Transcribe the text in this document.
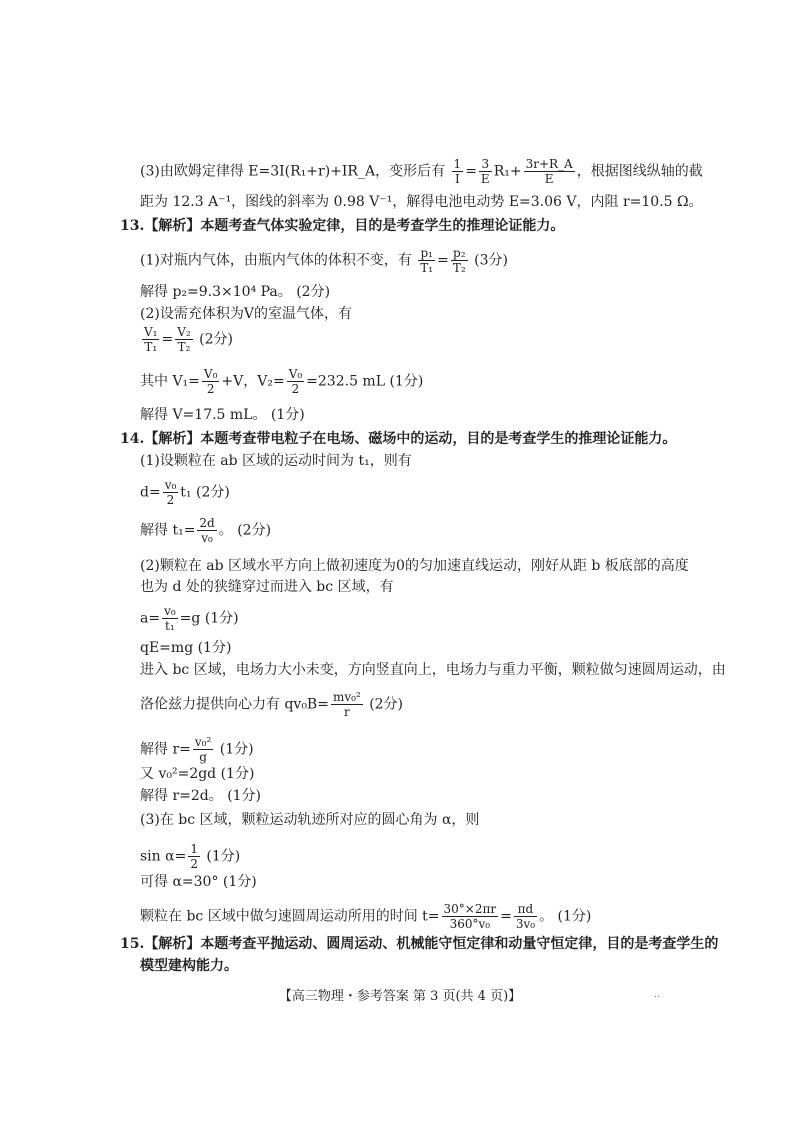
(3)由欧姆定律得 E=3I(R₁+r)+IR_A，变形后有 $\frac{1}{I} = \frac{3}{E} R_1+ \frac{3r+R\_A}{E}$ ，根据图线纵轴的截
距为 12.3 A⁻¹，图线的斜率为 0.98 V⁻¹，解得电池电动势 E=3.06 V，内阻 r=10.5 Ω。
13.【解析】本题考查气体实验定律，目的是考查学生的推理论证能力。
(1)对瓶内气体，由瓶内气体的体积不变，有 $\frac{\text{p₁}}{\text{T₁}} = \frac{\text{p₂}}{\text{T₂}} (3$分)
解得 p₂=9.3×10⁴ Pa。 (2分)
(2)设需充体积为V的室温气体，有
$\frac{\text{V₁}}{\text{T₁}} = \frac{\text{V₂}}{\text{T₂}} (2$分)
其中 $V_1= \frac{\text{V₀}}{2} +V$，$V_2= \frac{\text{V₀}}{2} =232.5$ mL (1分)
解得 V=17.5 mL。 (1分)
14.【解析】本题考查带电粒子在电场、磁场中的运动，目的是考查学生的推理论证能力。
(1)设颗粒在 ab 区域的运动时间为 t₁，则有
$d= \frac{\text{v₀}}{2} t_1$ (2分)
解得 $t_1= \frac{2d}{\text{v₀}}$ 。 (2分)
(2)颗粒在 ab 区域水平方向上做初速度为0的匀加速直线运动，刚好从距 b 板底部的高度
也为 d 处的狭缝穿过而进入 bc 区域，有
$a= \frac{\text{v₀}}{\text{t₁}} =g$ (1分)
qE=mg (1分)
进入 bc 区域，电场力大小未变，方向竖直向上，电场力与重力平衡，颗粒做匀速圆周运动，由
洛伦兹力提供向心力有 $qv_0B= \frac{\text{mv₀²}}{r} (2$分)
解得 $r= \frac{\text{v₀²}}{g} (1$分)
又 v₀²=2gd (1分)
解得 r=2d。 (1分)
(3)在 bc 区域，颗粒运动轨迹所对应的圆心角为 α，则
$\sin \alpha= \frac{1}{2} (1$分)
可得 α=30° (1分)
颗粒在 bc 区域中做匀速圆周运动所用的时间 $t= \frac{30^\circ\times 2\pi r}{\text{360°v₀}} = \frac{\pi d}{\text{3v₀}}$ 。 (1分)
15.【解析】本题考查平抛运动、圆周运动、机械能守恒定律和动量守恒定律，目的是考查学生的
模型建构能力。
【高三物理・参考答案 第 3 页(共 4 页)】	..
